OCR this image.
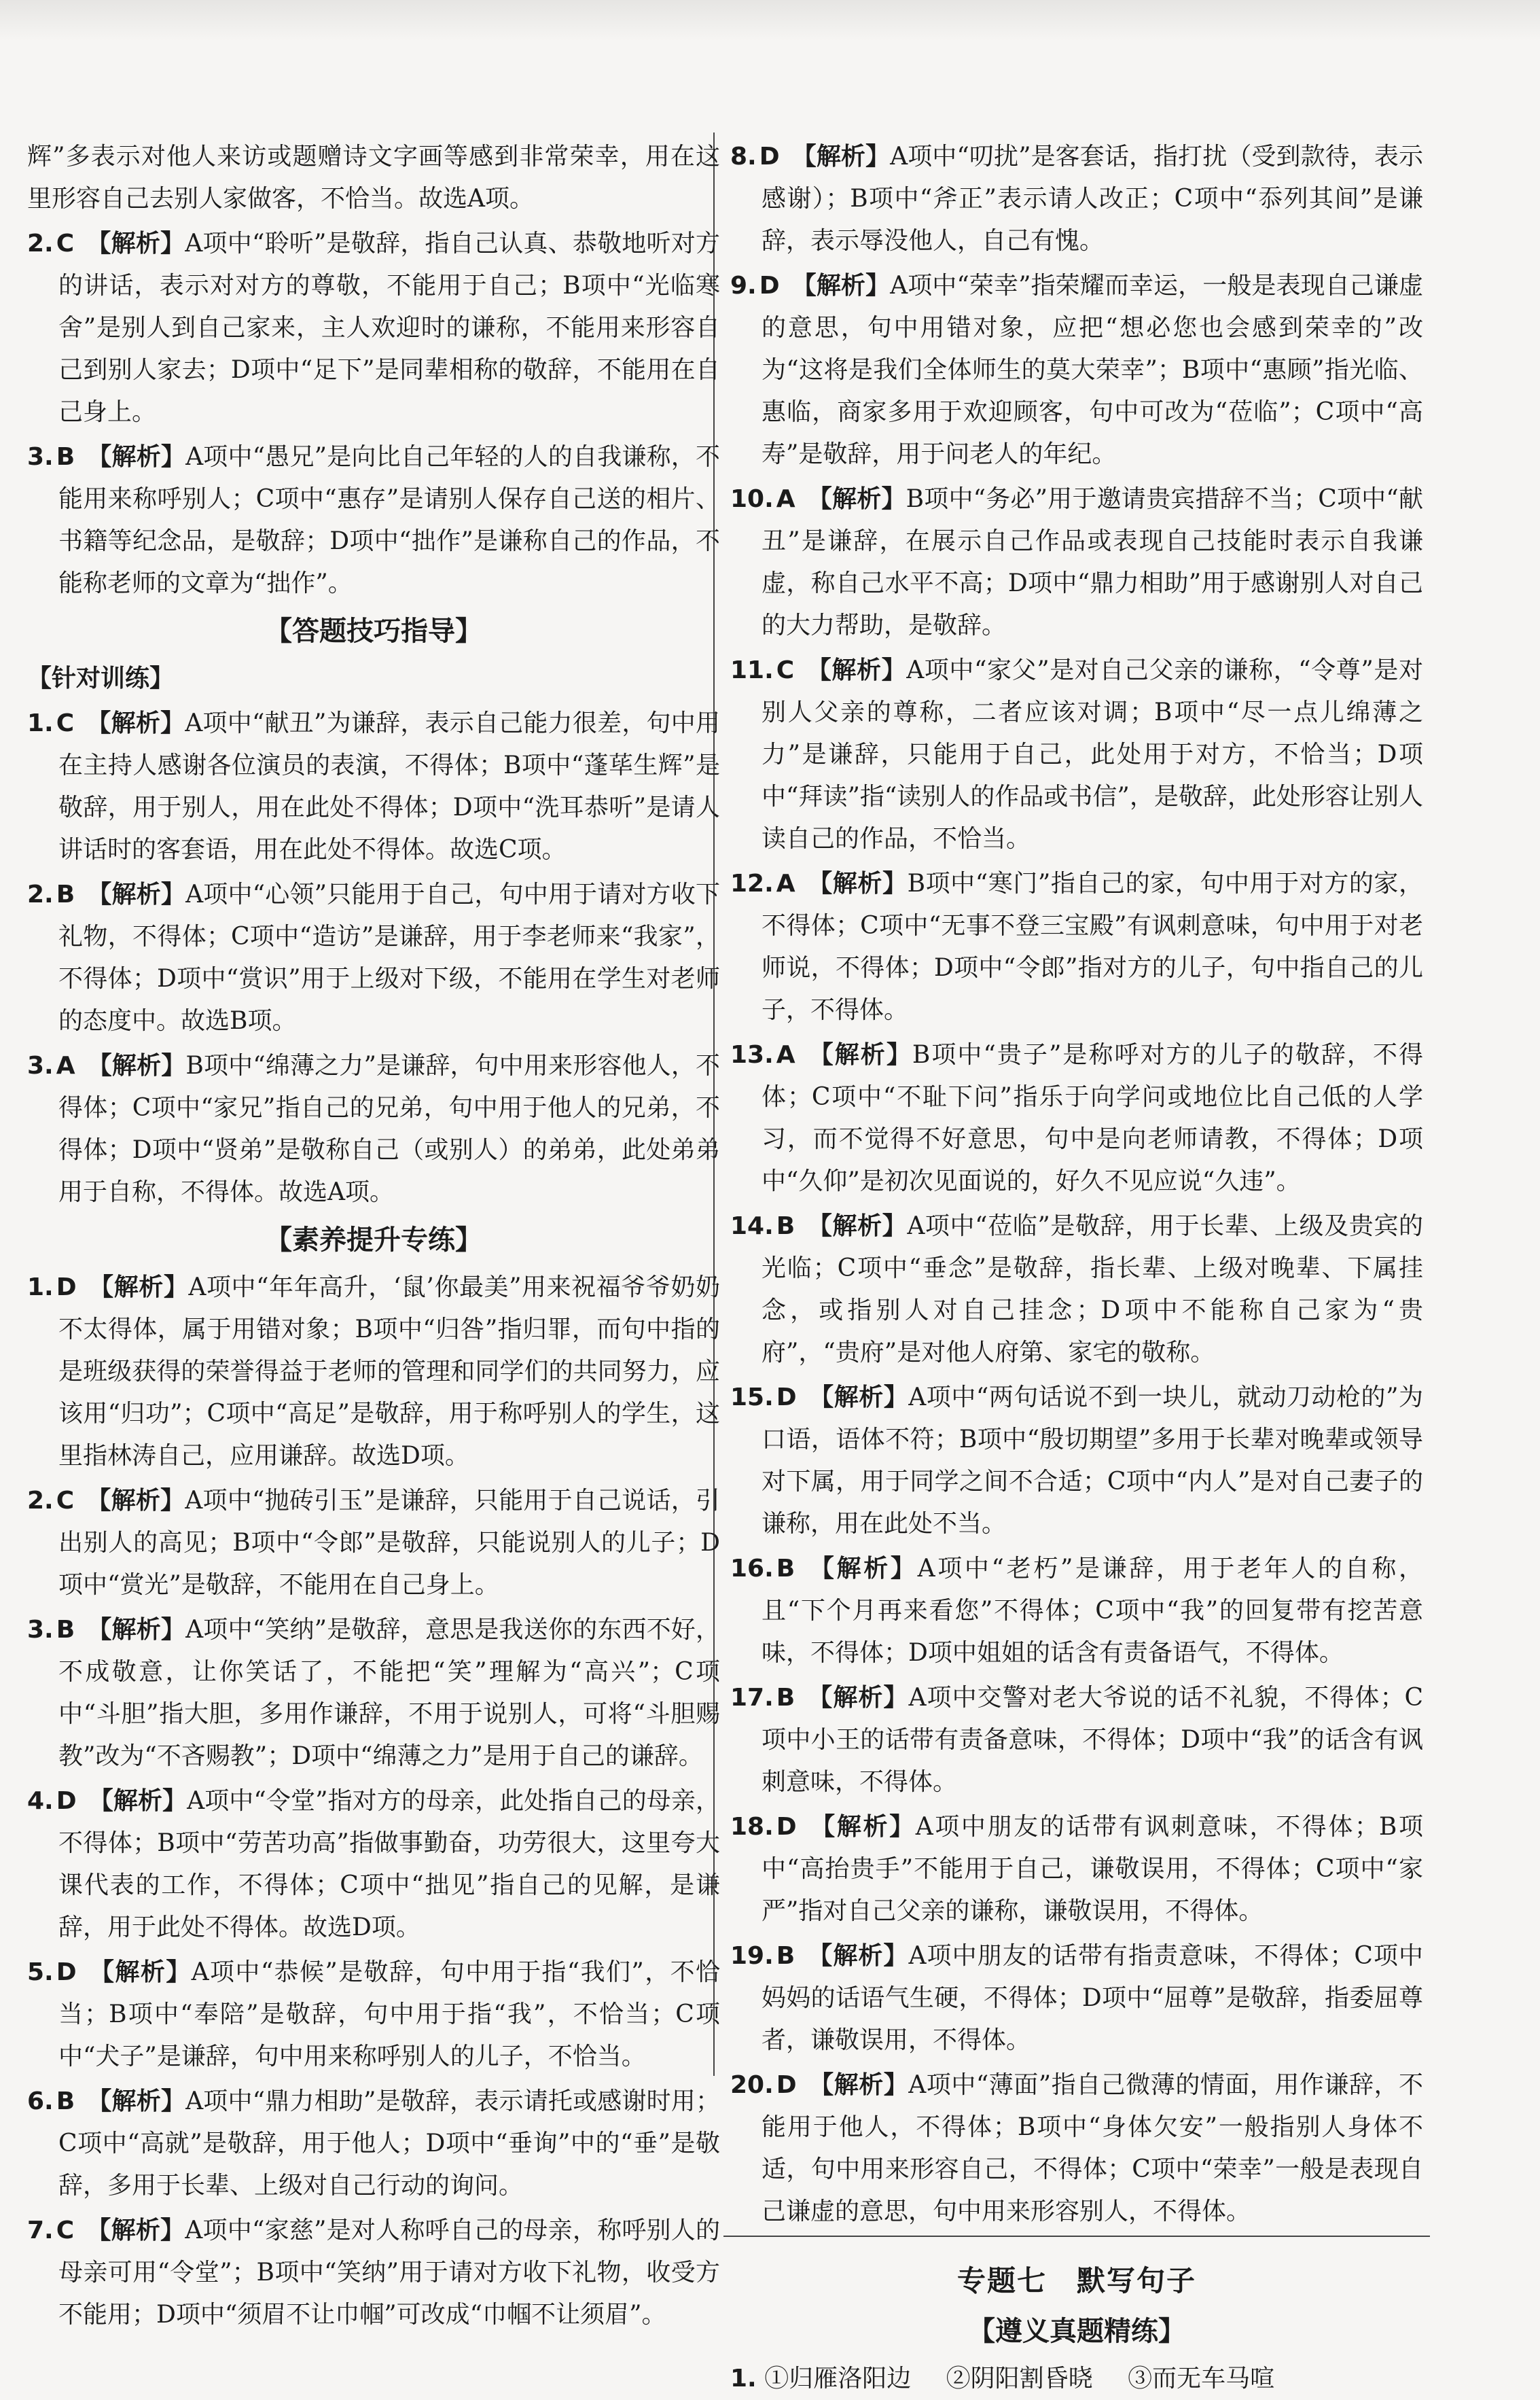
辉”多表示对他人来访或题赠诗文字画等感到非常荣幸，用在这里形容自己去别人家做客，不恰当。故选A项。

2. C 【解析】A项中“聆听”是敬辞，指自己认真、恭敬地听对方的讲话，表示对对方的尊敬，不能用于自己；B项中“光临寒舍”是别人到自己家来，主人欢迎时的谦称，不能用来形容自己到别人家去；D项中“足下”是同辈相称的敬辞，不能用在自己身上。

3. B 【解析】A项中“愚兄”是向比自己年轻的人的自我谦称，不能用来称呼别人；C项中“惠存”是请别人保存自己送的相片、书籍等纪念品，是敬辞；D项中“拙作”是谦称自己的作品，不能称老师的文章为“拙作”。

【答题技巧指导】
【针对训练】

1. C 【解析】A项中“献丑”为谦辞，表示自己能力很差，句中用在主持人感谢各位演员的表演，不得体；B项中“蓬荜生辉”是敬辞，用于别人，用在此处不得体；D项中“洗耳恭听”是请人讲话时的客套语，用在此处不得体。故选C项。

2. B 【解析】A项中“心领”只能用于自己，句中用于请对方收下礼物，不得体；C项中“造访”是谦辞，用于李老师来“我家”，不得体；D项中“赏识”用于上级对下级，不能用在学生对老师的态度中。故选B项。

3. A 【解析】B项中“绵薄之力”是谦辞，句中用来形容他人，不得体；C项中“家兄”指自己的兄弟，句中用于他人的兄弟，不得体；D项中“贤弟”是敬称自己（或别人）的弟弟，此处弟弟用于自称，不得体。故选A项。

【素养提升专练】

1. D 【解析】A项中“年年高升，‘鼠’你最美”用来祝福爷爷奶奶不太得体，属于用错对象；B项中“归咎”指归罪，而句中指的是班级获得的荣誉得益于老师的管理和同学们的共同努力，应该用“归功”；C项中“高足”是敬辞，用于称呼别人的学生，这里指林涛自己，应用谦辞。故选D项。

2. C 【解析】A项中“抛砖引玉”是谦辞，只能用于自己说话，引出别人的高见；B项中“令郎”是敬辞，只能说别人的儿子；D项中“赏光”是敬辞，不能用在自己身上。

3. B 【解析】A项中“笑纳”是敬辞，意思是我送你的东西不好，不成敬意，让你笑话了，不能把“笑”理解为“高兴”；C项中“斗胆”指大胆，多用作谦辞，不用于说别人，可将“斗胆赐教”改为“不吝赐教”；D项中“绵薄之力”是用于自己的谦辞。

4. D 【解析】A项中“令堂”指对方的母亲，此处指自己的母亲，不得体；B项中“劳苦功高”指做事勤奋，功劳很大，这里夸大课代表的工作，不得体；C项中“拙见”指自己的见解，是谦辞，用于此处不得体。故选D项。

5. D 【解析】A项中“恭候”是敬辞，句中用于指“我们”，不恰当；B项中“奉陪”是敬辞，句中用于指“我”，不恰当；C项中“犬子”是谦辞，句中用来称呼别人的儿子，不恰当。

6. B 【解析】A项中“鼎力相助”是敬辞，表示请托或感谢时用；C项中“高就”是敬辞，用于他人；D项中“垂询”中的“垂”是敬辞，多用于长辈、上级对自己行动的询问。

7. C 【解析】A项中“家慈”是对人称呼自己的母亲，称呼别人的母亲可用“令堂”；B项中“笑纳”用于请对方收下礼物，收受方不能用；D项中“须眉不让巾帼”可改成“巾帼不让须眉”。

8. D 【解析】A项中“叨扰”是客套话，指打扰（受到款待，表示感谢）；B项中“斧正”表示请人改正；C项中“忝列其间”是谦辞，表示辱没他人，自己有愧。

9. D 【解析】A项中“荣幸”指荣耀而幸运，一般是表现自己谦虚的意思，句中用错对象，应把“想必您也会感到荣幸的”改为“这将是我们全体师生的莫大荣幸”；B项中“惠顾”指光临、惠临，商家多用于欢迎顾客，句中可改为“莅临”；C项中“高寿”是敬辞，用于问老人的年纪。

10. A 【解析】B项中“务必”用于邀请贵宾措辞不当；C项中“献丑”是谦辞，在展示自己作品或表现自己技能时表示自我谦虚，称自己水平不高；D项中“鼎力相助”用于感谢别人对自己的大力帮助，是敬辞。

11. C 【解析】A项中“家父”是对自己父亲的谦称，“令尊”是对别人父亲的尊称，二者应该对调；B项中“尽一点儿绵薄之力”是谦辞，只能用于自己，此处用于对方，不恰当；D项中“拜读”指“读别人的作品或书信”，是敬辞，此处形容让别人读自己的作品，不恰当。

12. A 【解析】B项中“寒门”指自己的家，句中用于对方的家，不得体；C项中“无事不登三宝殿”有讽刺意味，句中用于对老师说，不得体；D项中“令郎”指对方的儿子，句中指自己的儿子，不得体。

13. A 【解析】B项中“贵子”是称呼对方的儿子的敬辞，不得体；C项中“不耻下问”指乐于向学问或地位比自己低的人学习，而不觉得不好意思，句中是向老师请教，不得体；D项中“久仰”是初次见面说的，好久不见应说“久违”。

14. B 【解析】A项中“莅临”是敬辞，用于长辈、上级及贵宾的光临；C项中“垂念”是敬辞，指长辈、上级对晚辈、下属挂念，或指别人对自己挂念；D项中不能称自己家为“贵府”，“贵府”是对他人府第、家宅的敬称。

15. D 【解析】A项中“两句话说不到一块儿，就动刀动枪的”为口语，语体不符；B项中“殷切期望”多用于长辈对晚辈或领导对下属，用于同学之间不合适；C项中“内人”是对自己妻子的谦称，用在此处不当。

16. B 【解析】A项中“老朽”是谦辞，用于老年人的自称，且“下个月再来看您”不得体；C项中“我”的回复带有挖苦意味，不得体；D项中姐姐的话含有责备语气，不得体。

17. B 【解析】A项中交警对老大爷说的话不礼貌，不得体；C项中小王的话带有责备意味，不得体；D项中“我”的话含有讽刺意味，不得体。

18. D 【解析】A项中朋友的话带有讽刺意味，不得体；B项中“高抬贵手”不能用于自己，谦敬误用，不得体；C项中“家严”指对自己父亲的谦称，谦敬误用，不得体。

19. B 【解析】A项中朋友的话带有指责意味，不得体；C项中妈妈的话语气生硬，不得体；D项中“屈尊”是敬辞，指委屈尊者，谦敬误用，不得体。

20. D 【解析】A项中“薄面”指自己微薄的情面，用作谦辞，不能用于他人，不得体；B项中“身体欠安”一般指别人身体不适，句中用来形容自己，不得体；C项中“荣幸”一般是表现自己谦虚的意思，句中用来形容别人，不得体。

专题七　默写句子
【遵义真题精练】
1. ①归雁洛阳边 ②阴阳割昏晓 ③而无车马喧
